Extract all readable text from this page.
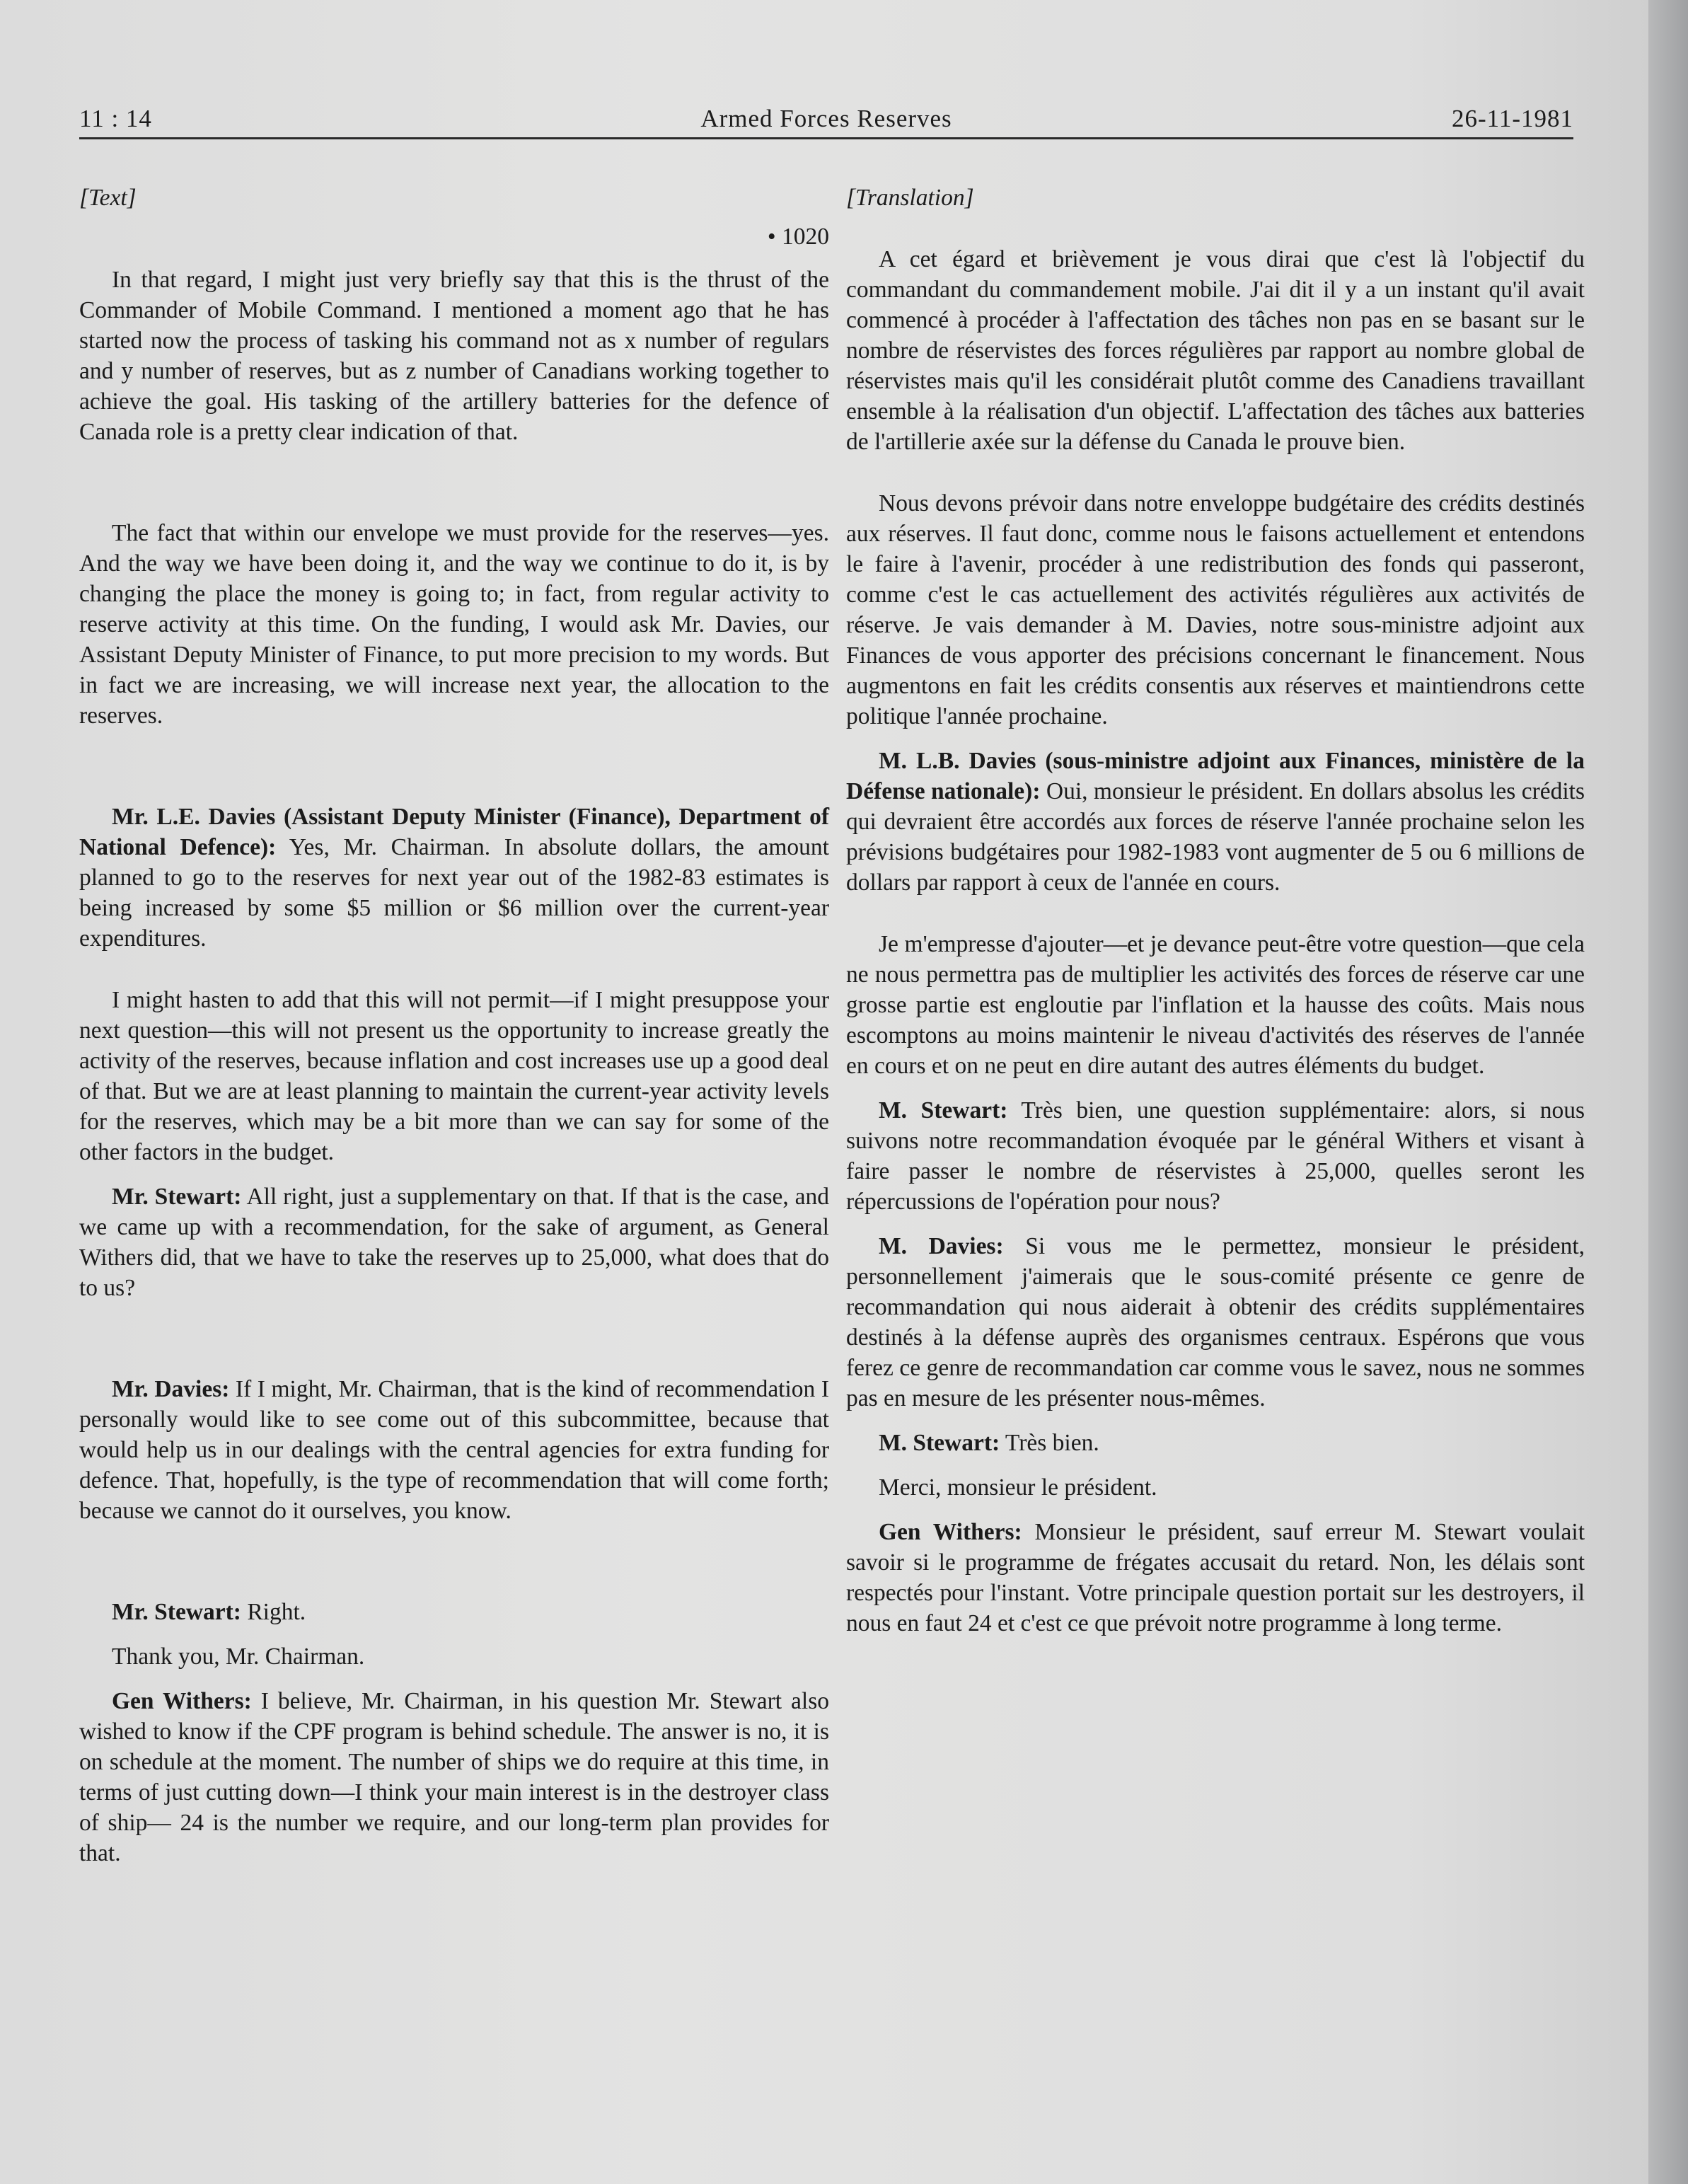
Armed Forces Reserves
11 : 14	26-11-1981

[Text]

• 1020

In that regard, I might just very briefly say that this is the thrust of the Commander of Mobile Command. I mentioned a moment ago that he has started now the process of tasking his command not as x number of regulars and y number of reserves, but as z number of Canadians working together to achieve the goal. His tasking of the artillery batteries for the defence of Canada role is a pretty clear indication of that.

The fact that within our envelope we must provide for the reserves—yes. And the way we have been doing it, and the way we continue to do it, is by changing the place the money is going to; in fact, from regular activity to reserve activity at this time. On the funding, I would ask Mr. Davies, our Assistant Deputy Minister of Finance, to put more precision to my words. But in fact we are increasing, we will increase next year, the allocation to the reserves.

Mr. L.E. Davies (Assistant Deputy Minister (Finance), Department of National Defence): Yes, Mr. Chairman. In absolute dollars, the amount planned to go to the reserves for next year out of the 1982-83 estimates is being increased by some $5 million or $6 million over the current-year expenditures.

I might hasten to add that this will not permit—if I might presuppose your next question—this will not present us the opportunity to increase greatly the activity of the reserves, because inflation and cost increases use up a good deal of that. But we are at least planning to maintain the current-year activity levels for the reserves, which may be a bit more than we can say for some of the other factors in the budget.

Mr. Stewart: All right, just a supplementary on that. If that is the case, and we came up with a recommendation, for the sake of argument, as General Withers did, that we have to take the reserves up to 25,000, what does that do to us?

Mr. Davies: If I might, Mr. Chairman, that is the kind of recommendation I personally would like to see come out of this subcommittee, because that would help us in our dealings with the central agencies for extra funding for defence. That, hopefully, is the type of recommendation that will come forth; because we cannot do it ourselves, you know.

Mr. Stewart: Right.

Thank you, Mr. Chairman.

Gen Withers: I believe, Mr. Chairman, in his question Mr. Stewart also wished to know if the CPF program is behind schedule. The answer is no, it is on schedule at the moment. The number of ships we do require at this time, in terms of just cutting down—I think your main interest is in the destroyer class of ship— 24 is the number we require, and our long-term plan provides for that.

[Translation]

A cet égard et brièvement je vous dirai que c'est là l'objectif du commandant du commandement mobile. J'ai dit il y a un instant qu'il avait commencé à procéder à l'affectation des tâches non pas en se basant sur le nombre de réservistes des forces régulières par rapport au nombre global de réservistes mais qu'il les considérait plutôt comme des Canadiens travaillant ensemble à la réalisation d'un objectif. L'affectation des tâches aux batteries de l'artillerie axée sur la défense du Canada le prouve bien.

Nous devons prévoir dans notre enveloppe budgétaire des crédits destinés aux réserves. Il faut donc, comme nous le faisons actuellement et entendons le faire à l'avenir, procéder à une redistribution des fonds qui passeront, comme c'est le cas actuellement des activités régulières aux activités de réserve. Je vais demander à M. Davies, notre sous-ministre adjoint aux Finances de vous apporter des précisions concernant le financement. Nous augmentons en fait les crédits consentis aux réserves et maintiendrons cette politique l'année prochaine.

M. L.B. Davies (sous-ministre adjoint aux Finances, ministère de la Défense nationale): Oui, monsieur le président. En dollars absolus les crédits qui devraient être accordés aux forces de réserve l'année prochaine selon les prévisions budgétaires pour 1982-1983 vont augmenter de 5 ou 6 millions de dollars par rapport à ceux de l'année en cours.

Je m'empresse d'ajouter—et je devance peut-être votre question—que cela ne nous permettra pas de multiplier les activités des forces de réserve car une grosse partie est engloutie par l'inflation et la hausse des coûts. Mais nous escomptons au moins maintenir le niveau d'activités des réserves de l'année en cours et on ne peut en dire autant des autres éléments du budget.

M. Stewart: Très bien, une question supplémentaire: alors, si nous suivons notre recommandation évoquée par le général Withers et visant à faire passer le nombre de réservistes à 25,000, quelles seront les répercussions de l'opération pour nous?

M. Davies: Si vous me le permettez, monsieur le président, personnellement j'aimerais que le sous-comité présente ce genre de recommandation qui nous aiderait à obtenir des crédits supplémentaires destinés à la défense auprès des organismes centraux. Espérons que vous ferez ce genre de recommandation car comme vous le savez, nous ne sommes pas en mesure de les présenter nous-mêmes.

M. Stewart: Très bien.

Merci, monsieur le président.

Gen Withers: Monsieur le président, sauf erreur M. Stewart voulait savoir si le programme de frégates accusait du retard. Non, les délais sont respectés pour l'instant. Votre principale question portait sur les destroyers, il nous en faut 24 et c'est ce que prévoit notre programme à long terme.
